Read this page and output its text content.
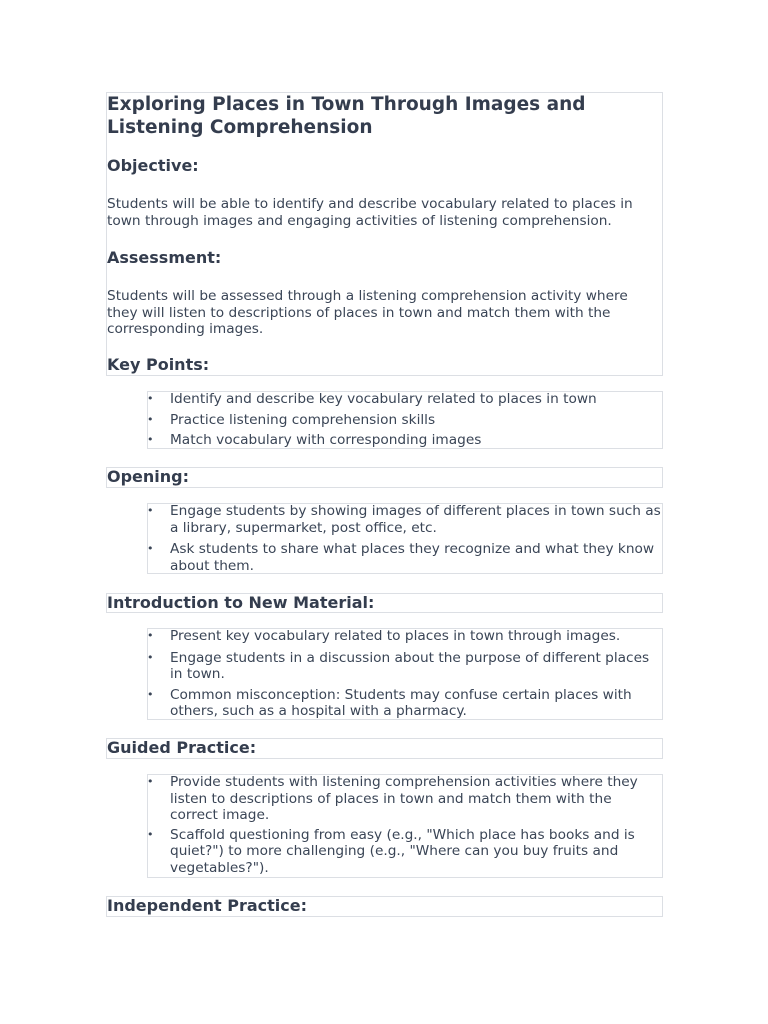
Exploring Places in Town Through Images and
Listening Comprehension
Objective:
Students will be able to identify and describe vocabulary related to places in town through images and engaging activities of listening comprehension.
Assessment:
Students will be assessed through a listening comprehension activity where they will listen to descriptions of places in town and match them with the corresponding images.
Key Points:
• Identify and describe key vocabulary related to places in town
• Practice listening comprehension skills
• Match vocabulary with corresponding images
Opening:
• Engage students by showing images of different places in town such as a library, supermarket, post office, etc.
• Ask students to share what places they recognize and what they know about them.
Introduction to New Material:
• Present key vocabulary related to places in town through images.
• Engage students in a discussion about the purpose of different places in town.
• Common misconception: Students may confuse certain places with others, such as a hospital with a pharmacy.
Guided Practice:
• Provide students with listening comprehension activities where they listen to descriptions of places in town and match them with the correct image.
• Scaffold questioning from easy (e.g., "Which place has books and is quiet?") to more challenging (e.g., "Where can you buy fruits and vegetables?").
Independent Practice:
